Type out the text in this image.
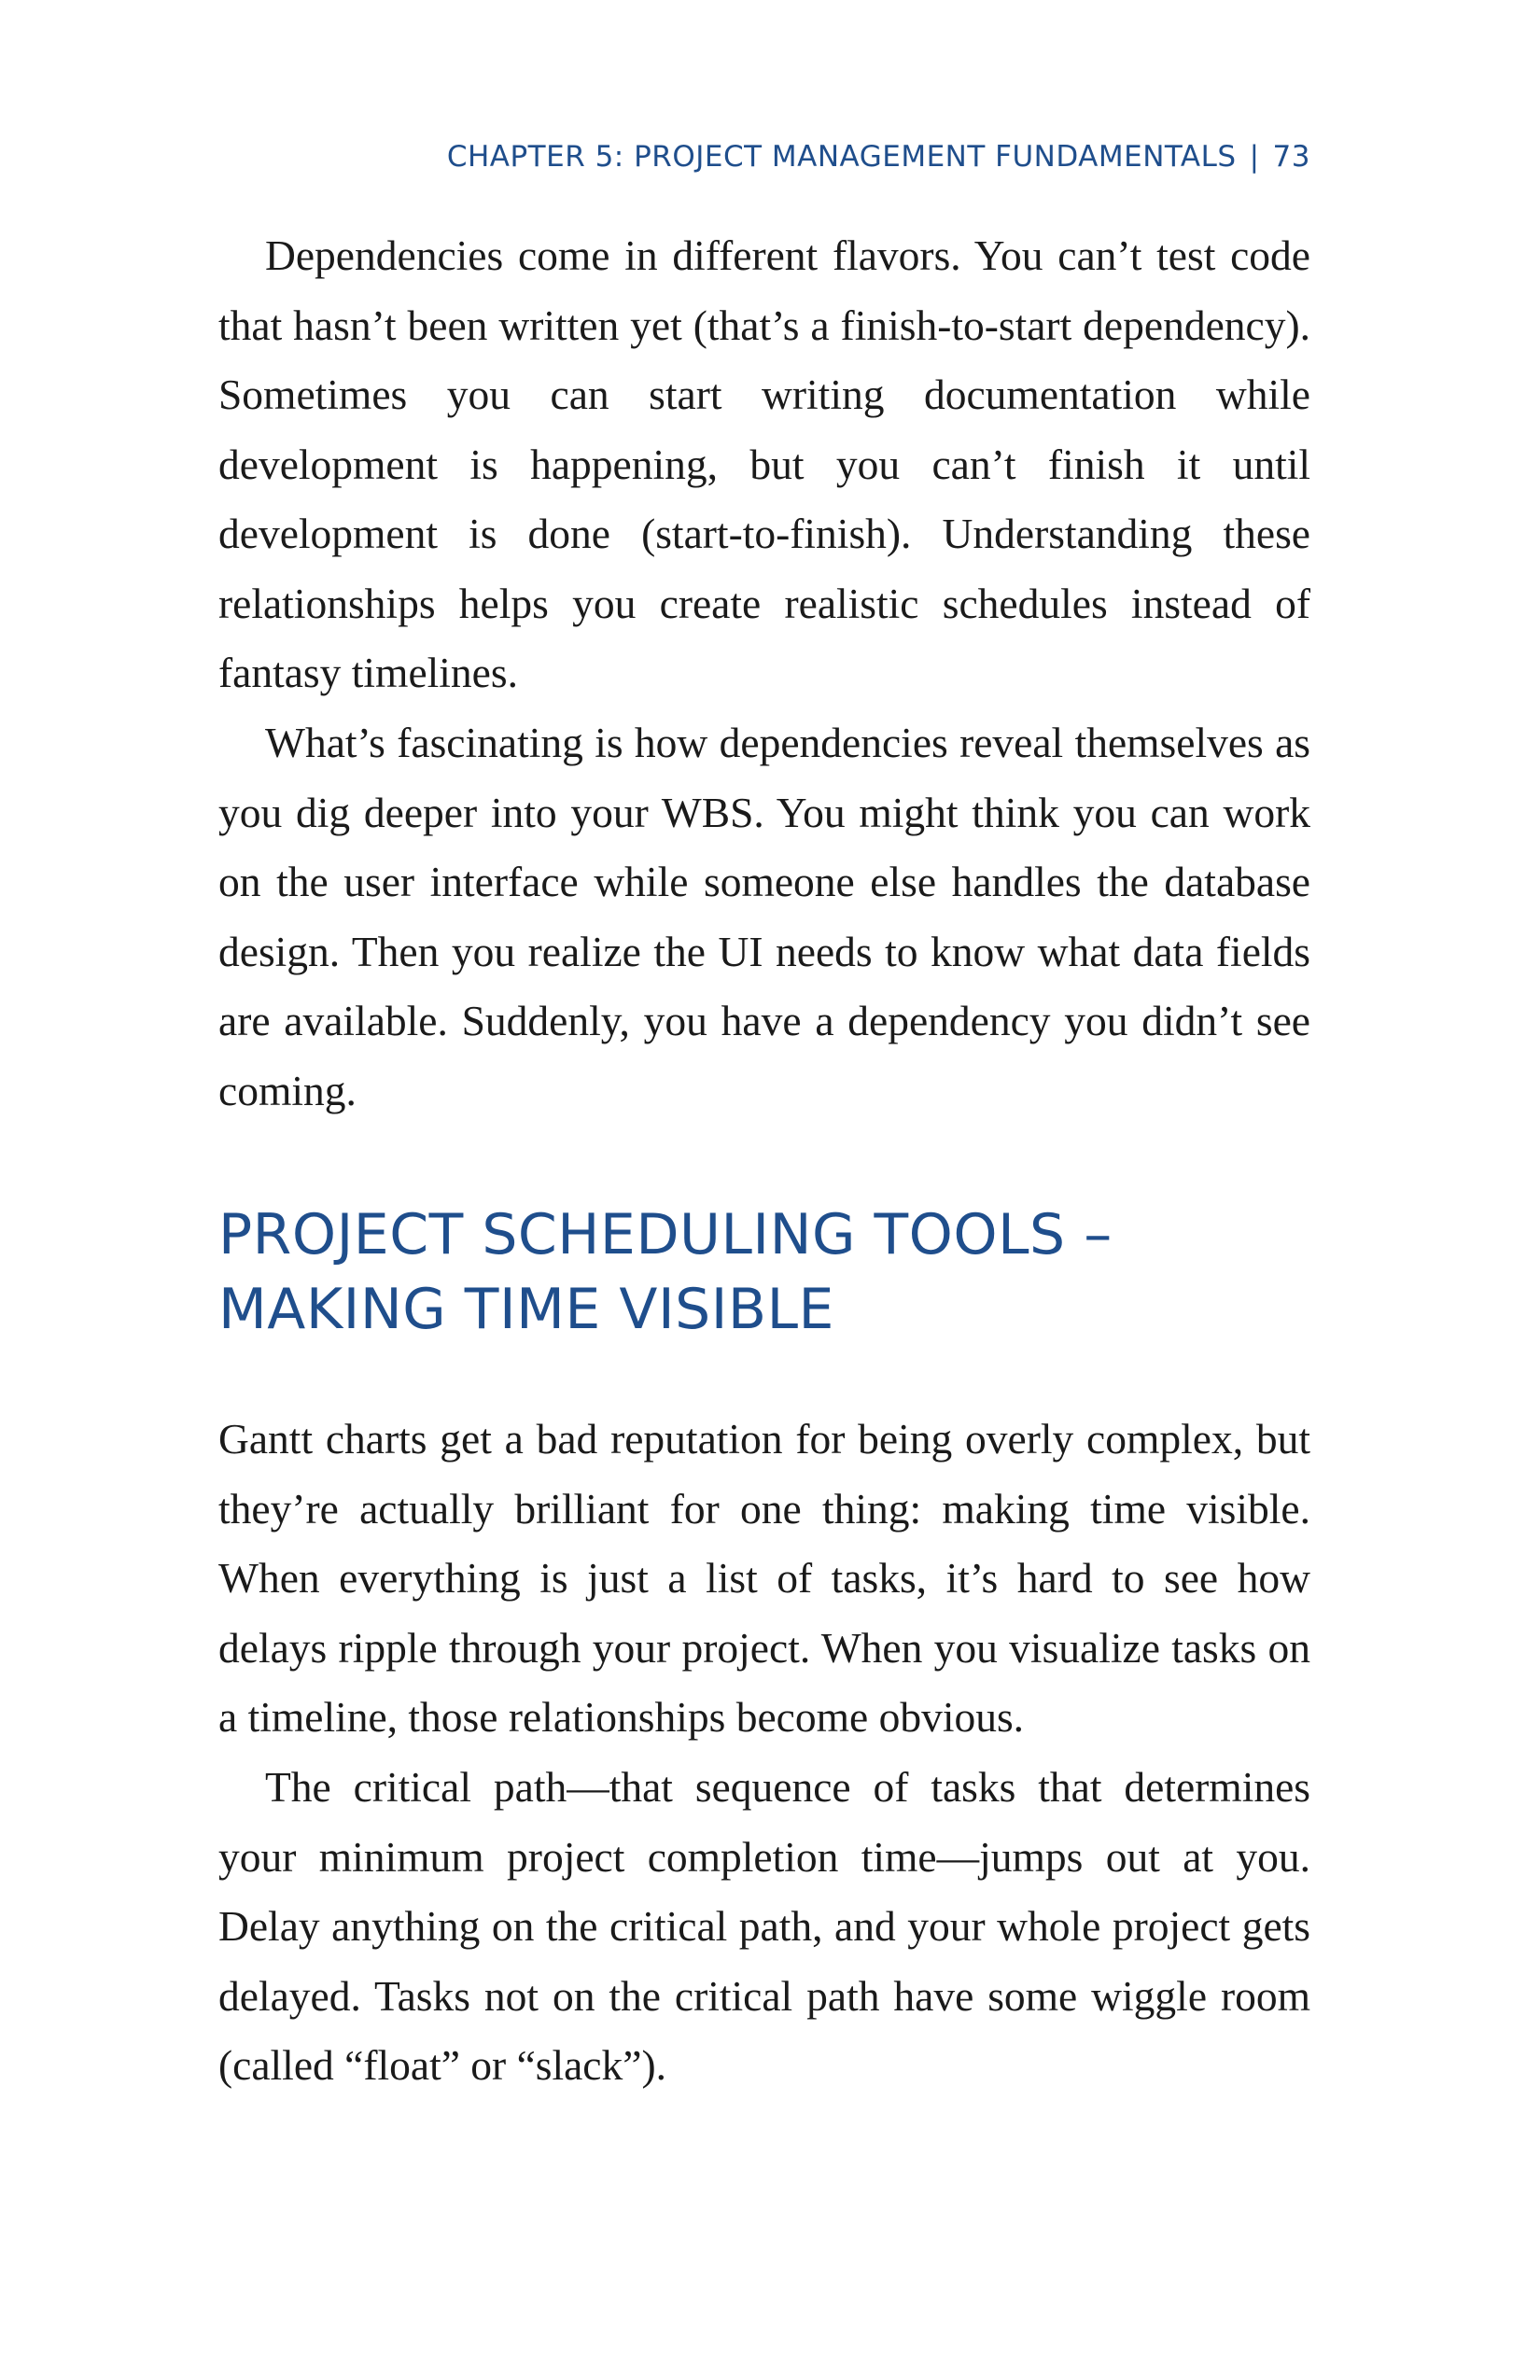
CHAPTER 5: PROJECT MANAGEMENT FUNDAMENTALS | 73

Dependencies come in different flavors. You can’t test code that hasn’t been written yet (that’s a finish-to-start dependency). Sometimes you can start writing documentation while development is happening, but you can’t finish it until development is done (start-to-finish). Understanding these relationships helps you create realistic schedules instead of fantasy timelines.

What’s fascinating is how dependencies reveal themselves as you dig deeper into your WBS. You might think you can work on the user interface while someone else handles the database design. Then you realize the UI needs to know what data fields are available. Suddenly, you have a dependency you didn’t see coming.

PROJECT SCHEDULING TOOLS –
MAKING TIME VISIBLE

Gantt charts get a bad reputation for being overly complex, but they’re actually brilliant for one thing: making time visible. When everything is just a list of tasks, it’s hard to see how delays ripple through your project. When you visualize tasks on a timeline, those relationships become obvious.

The critical path—that sequence of tasks that determines your minimum project completion time—jumps out at you. Delay anything on the critical path, and your whole project gets delayed. Tasks not on the critical path have some wiggle room (called “float” or “slack”).
